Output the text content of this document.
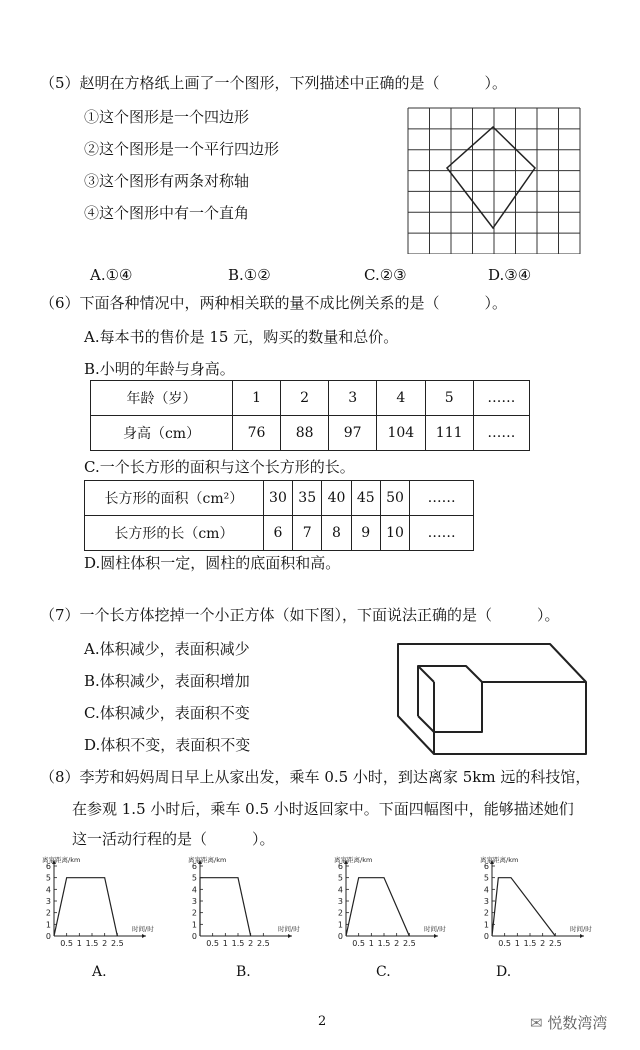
（5）赵明在方格纸上画了一个图形，下列描述中正确的是（　　　）。
①这个图形是一个四边形
②这个图形是一个平行四边形
③这个图形有两条对称轴
④这个图形中有一个直角
A.①④	B.①②	C.②③	D.③④
（6）下面各种情况中，两种相关联的量不成比例关系的是（　　　）。
A.每本书的售价是 15 元，购买的数量和总价。
B.小明的年龄与身高。
年龄（岁）	1	2	3	4	5	……
身高（cm）	76	88	97	104	111	……
C.一个长方形的面积与这个长方形的长。
长方形的面积（cm²）	30	35	40	45	50	……
长方形的长（cm）	6	7	8	9	10	……
D.圆柱体积一定，圆柱的底面积和高。
（7）一个长方体挖掉一个小正方体（如下图），下面说法正确的是（　　　）。
A.体积减少，表面积减少
B.体积减少，表面积增加
C.体积减少，表面积不变
D.体积不变，表面积不变
（8）李芳和妈妈周日早上从家出发，乘车 0.5 小时，到达离家 5km 远的科技馆，
在参观 1.5 小时后，乘车 0.5 小时返回家中。下面四幅图中，能够描述她们
这一活动行程的是（　　　）。
0
1
2
3
4
5
6
0.5 1 1.5 2 2.5
离家距离/km
时间/时
0
1
2
3
4
5
6
0.5 1 1.5 2 2.5
离家距离/km
时间/时
0
1
2
3
4
5
6
0.5 1 1.5 2 2.5
离家距离/km
时间/时
0
1
2
3
4
5
6
0.5 1 1.5 2 2.5
离家距离/km
时间/时
A.	B.	C.	D.
2	✉ 悦数湾湾
